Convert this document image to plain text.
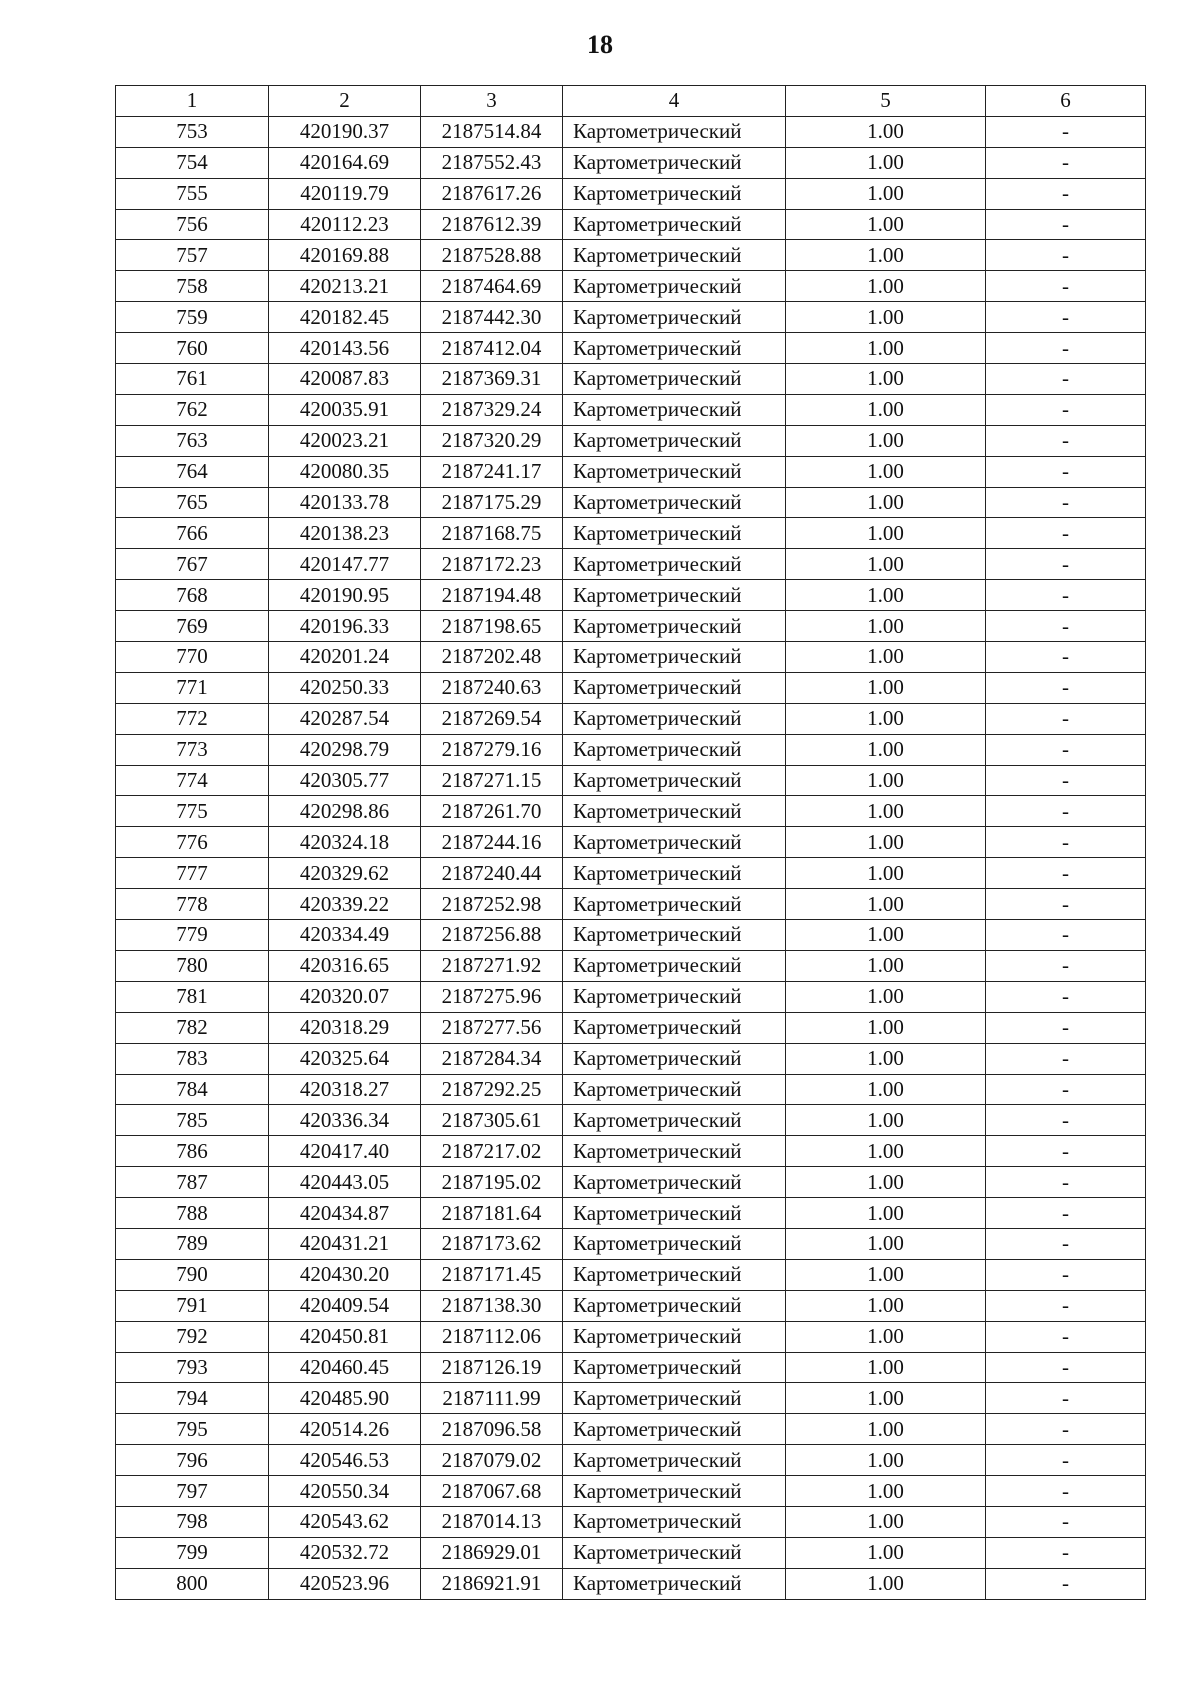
18
1	2	3	4	5	6
753	420190.37	2187514.84	Картометрический	1.00	-
754	420164.69	2187552.43	Картометрический	1.00	-
755	420119.79	2187617.26	Картометрический	1.00	-
756	420112.23	2187612.39	Картометрический	1.00	-
757	420169.88	2187528.88	Картометрический	1.00	-
758	420213.21	2187464.69	Картометрический	1.00	-
759	420182.45	2187442.30	Картометрический	1.00	-
760	420143.56	2187412.04	Картометрический	1.00	-
761	420087.83	2187369.31	Картометрический	1.00	-
762	420035.91	2187329.24	Картометрический	1.00	-
763	420023.21	2187320.29	Картометрический	1.00	-
764	420080.35	2187241.17	Картометрический	1.00	-
765	420133.78	2187175.29	Картометрический	1.00	-
766	420138.23	2187168.75	Картометрический	1.00	-
767	420147.77	2187172.23	Картометрический	1.00	-
768	420190.95	2187194.48	Картометрический	1.00	-
769	420196.33	2187198.65	Картометрический	1.00	-
770	420201.24	2187202.48	Картометрический	1.00	-
771	420250.33	2187240.63	Картометрический	1.00	-
772	420287.54	2187269.54	Картометрический	1.00	-
773	420298.79	2187279.16	Картометрический	1.00	-
774	420305.77	2187271.15	Картометрический	1.00	-
775	420298.86	2187261.70	Картометрический	1.00	-
776	420324.18	2187244.16	Картометрический	1.00	-
777	420329.62	2187240.44	Картометрический	1.00	-
778	420339.22	2187252.98	Картометрический	1.00	-
779	420334.49	2187256.88	Картометрический	1.00	-
780	420316.65	2187271.92	Картометрический	1.00	-
781	420320.07	2187275.96	Картометрический	1.00	-
782	420318.29	2187277.56	Картометрический	1.00	-
783	420325.64	2187284.34	Картометрический	1.00	-
784	420318.27	2187292.25	Картометрический	1.00	-
785	420336.34	2187305.61	Картометрический	1.00	-
786	420417.40	2187217.02	Картометрический	1.00	-
787	420443.05	2187195.02	Картометрический	1.00	-
788	420434.87	2187181.64	Картометрический	1.00	-
789	420431.21	2187173.62	Картометрический	1.00	-
790	420430.20	2187171.45	Картометрический	1.00	-
791	420409.54	2187138.30	Картометрический	1.00	-
792	420450.81	2187112.06	Картометрический	1.00	-
793	420460.45	2187126.19	Картометрический	1.00	-
794	420485.90	2187111.99	Картометрический	1.00	-
795	420514.26	2187096.58	Картометрический	1.00	-
796	420546.53	2187079.02	Картометрический	1.00	-
797	420550.34	2187067.68	Картометрический	1.00	-
798	420543.62	2187014.13	Картометрический	1.00	-
799	420532.72	2186929.01	Картометрический	1.00	-
800	420523.96	2186921.91	Картометрический	1.00	-
